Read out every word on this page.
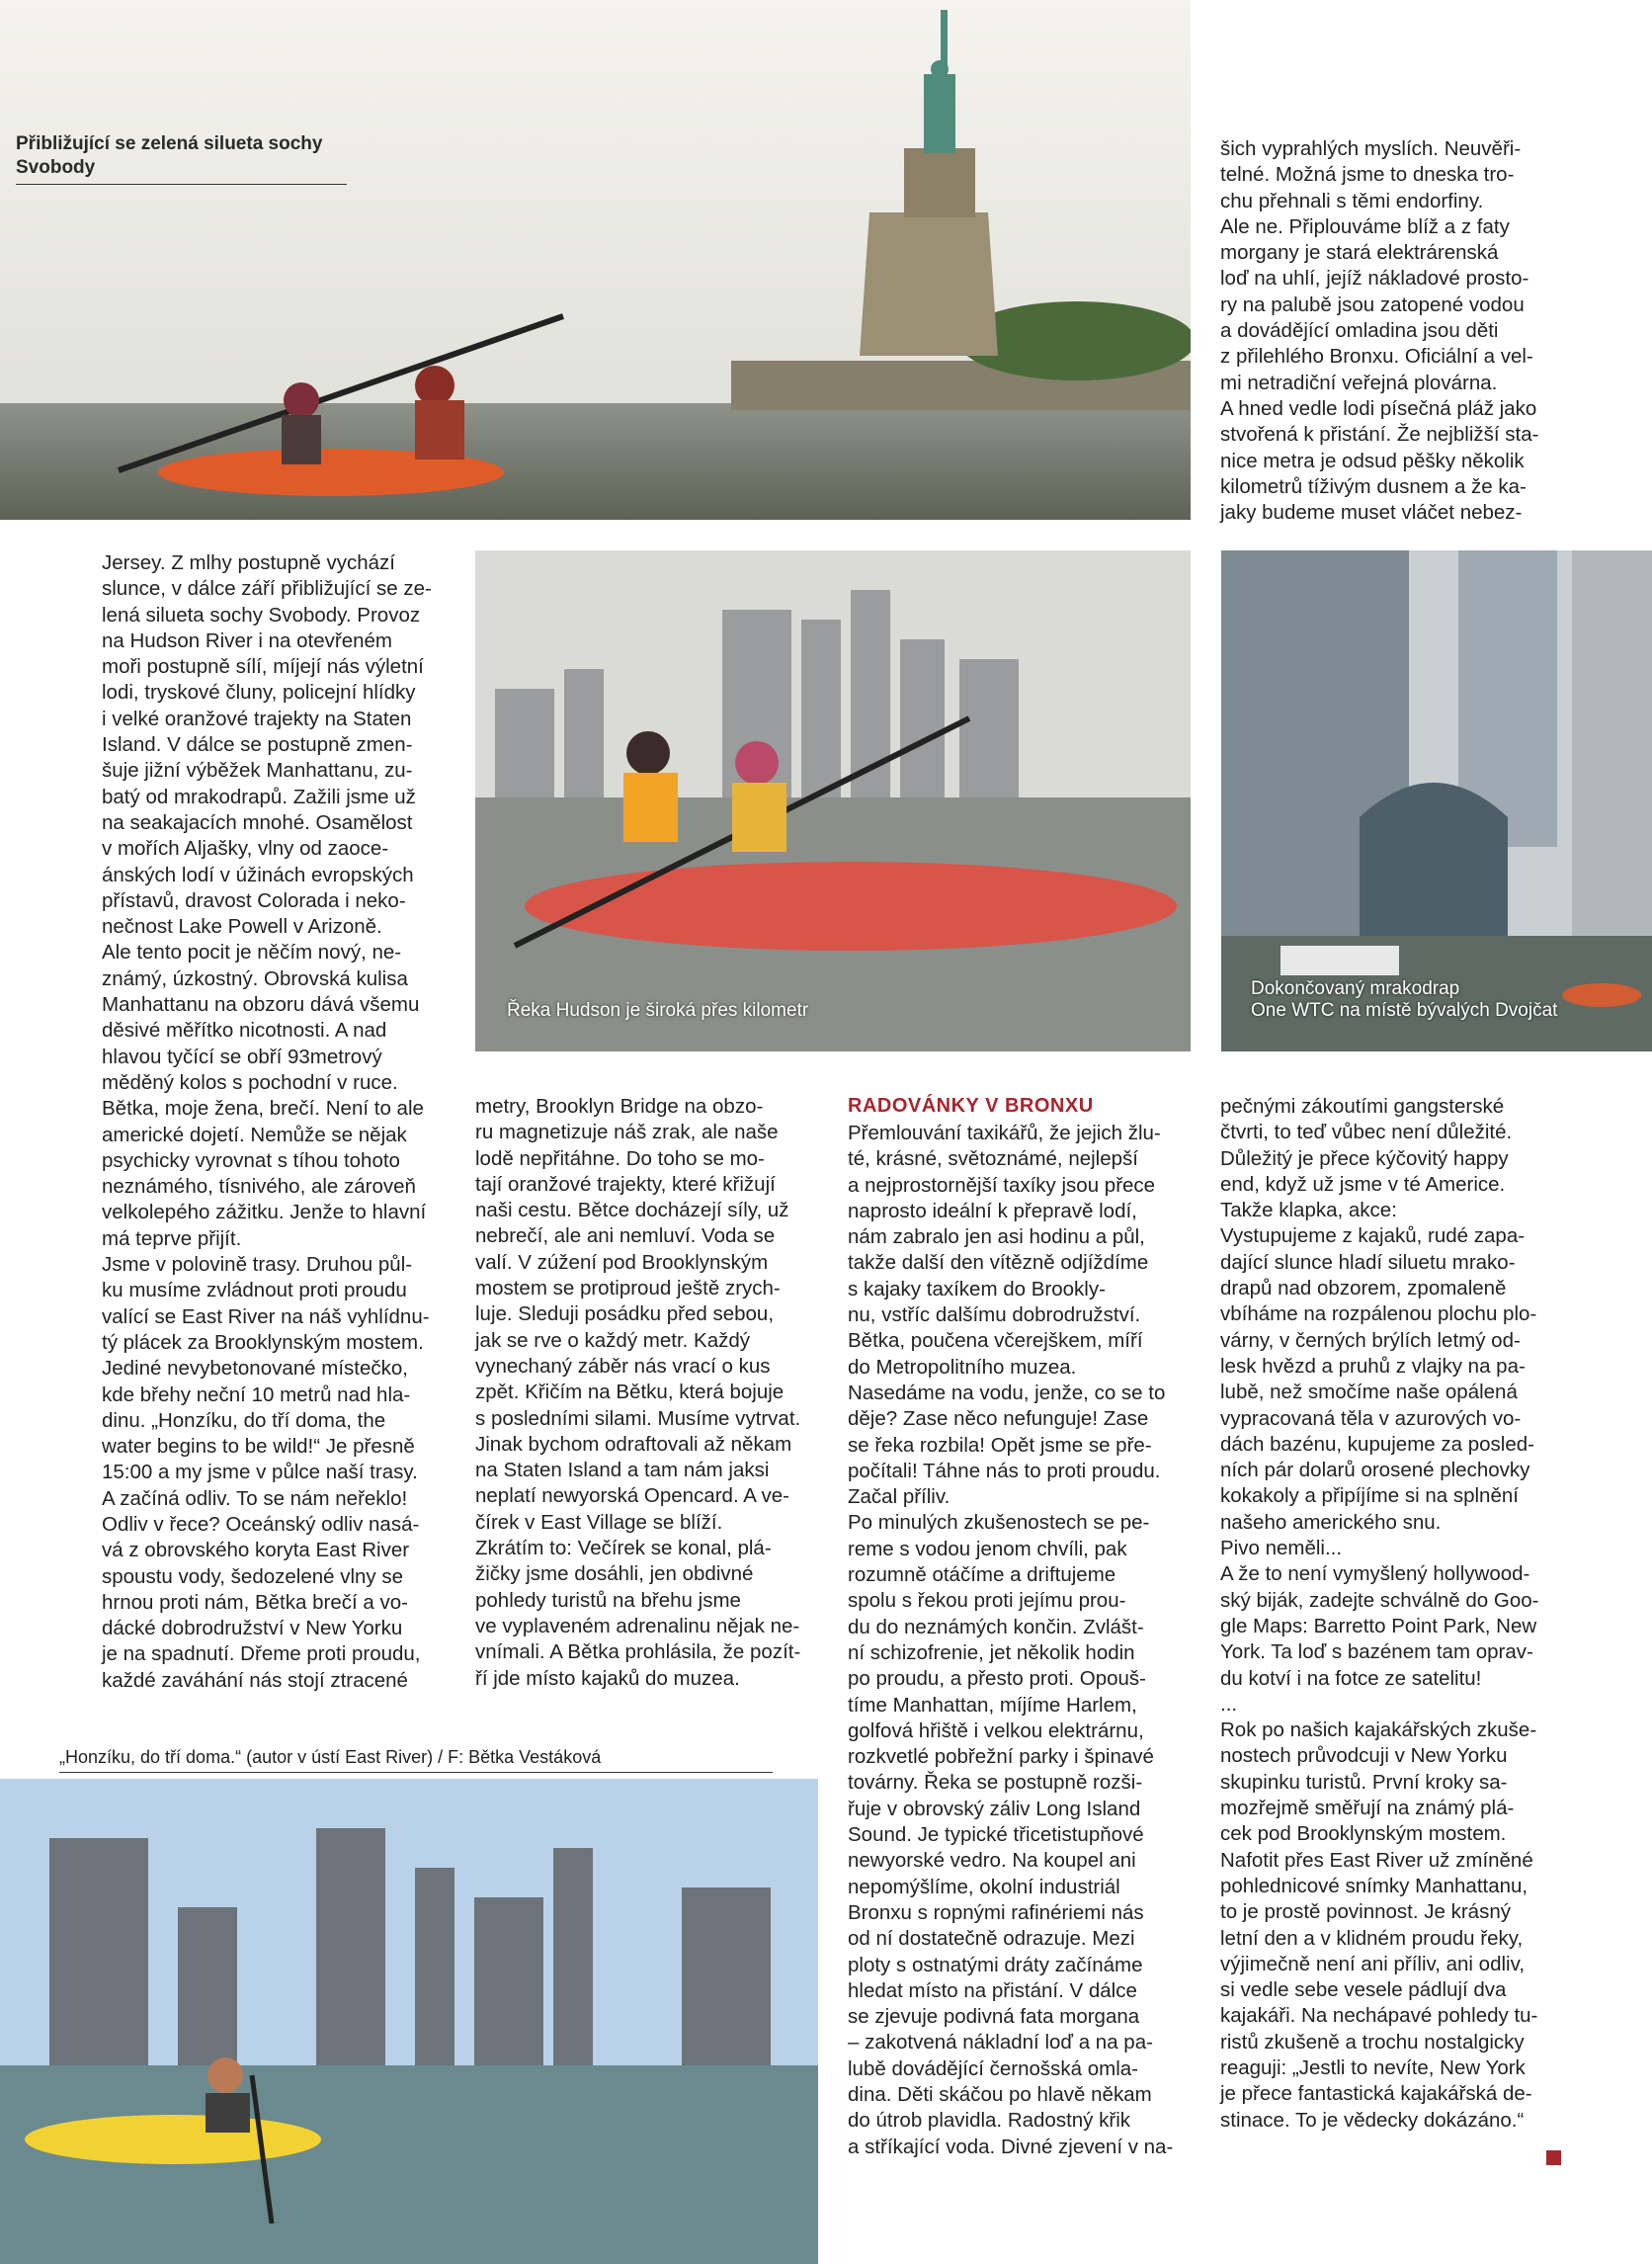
Přibližující se zelená silueta sochy Svobody

šich vyprahlých myslích. Neuvěři-
telné. Možná jsme to dneska tro-
chu přehnali s těmi endorfiny.
Ale ne. Připlouváme blíž a z faty
morgany je stará elektrárenská
loď na uhlí, jejíž nákladové prosto-
ry na palubě jsou zatopené vodou
a dovádějící omladina jsou děti
z přilehlého Bronxu. Oficiální a vel-
mi netradiční veřejná plovárna.
A hned vedle lodi písečná pláž jako
stvořená k přistání. Že nejbližší sta-
nice metra je odsud pěšky několik
kilometrů tíživým dusnem a že ka-
jaky budeme muset vláčet nebez-

Jersey. Z mlhy postupně vychází
slunce, v dálce září přibližující se ze-
lená silueta sochy Svobody. Provoz
na Hudson River i na otevřeném
moři postupně sílí, míjejí nás výletní
lodi, tryskové čluny, policejní hlídky
i velké oranžové trajekty na Staten
Island. V dálce se postupně zmen-
šuje jižní výběžek Manhattanu, zu-
batý od mrakodrapů. Zažili jsme už
na seakajacích mnohé. Osamělost
v mořích Aljašky, vlny od zaoce-
ánských lodí v úžinách evropských
přístavů, dravost Colorada i neko-
nečnost Lake Powell v Arizoně.
Ale tento pocit je něčím nový, ne-
známý, úzkostný. Obrovská kulisa
Manhattanu na obzoru dává všemu
děsivé měřítko nicotnosti. A nad
hlavou tyčící se obří 93metrový
měděný kolos s pochodní v ruce.
Bětka, moje žena, brečí. Není to ale
americké dojetí. Nemůže se nějak
psychicky vyrovnat s tíhou tohoto
neznámého, tísnivého, ale zároveň
velkolepého zážitku. Jenže to hlavní
má teprve přijít.
Jsme v polovině trasy. Druhou půl-
ku musíme zvládnout proti proudu
valící se East River na náš vyhlídnu-
tý plácek za Brooklynským mostem.
Jediné nevybetonované místečko,
kde břehy neční 10 metrů nad hla-
dinu. „Honzíku, do tří doma, the
water begins to be wild!“ Je přesně
15:00 a my jsme v půlce naší trasy.
A začíná odliv. To se nám neřeklo!
Odliv v řece? Oceánský odliv nasá-
vá z obrovského koryta East River
spoustu vody, šedozelené vlny se
hrnou proti nám, Bětka brečí a vo-
dácké dobrodružství v New Yorku
je na spadnutí. Dřeme proti proudu,
každé zaváhání nás stojí ztracené

Řeka Hudson je široká přes kilometr
Dokončovaný mrakodrap
One WTC na místě bývalých Dvojčat

metry, Brooklyn Bridge na obzo-
ru magnetizuje náš zrak, ale naše
lodě nepřitáhne. Do toho se mo-
tají oranžové trajekty, které křižují
naši cestu. Bětce docházejí síly, už
nebrečí, ale ani nemluví. Voda se
valí. V zúžení pod Brooklynským
mostem se protiproud ještě zrych-
luje. Sleduji posádku před sebou,
jak se rve o každý metr. Každý
vynechaný záběr nás vrací o kus
zpět. Křičím na Bětku, která bojuje
s posledními silami. Musíme vytrvat.
Jinak bychom odraftovali až někam
na Staten Island a tam nám jaksi
neplatí newyorská Opencard. A ve-
čírek v East Village se blíží.
Zkrátím to: Večírek se konal, plá-
žičky jsme dosáhli, jen obdivné
pohledy turistů na břehu jsme
ve vyplaveném adrenalinu nějak ne-
vnímali. A Bětka prohlásila, že pozít-
ří jde místo kajaků do muzea.

RADOVÁNKY V BRONXU

Přemlouvání taxikářů, že jejich žlu-
té, krásné, světoznámé, nejlepší
a nejprostornější taxíky jsou přece
naprosto ideální k přepravě lodí,
nám zabralo jen asi hodinu a půl,
takže další den vítězně odjíždíme
s kajaky taxíkem do Brookly-
nu, vstříc dalšímu dobrodružství.
Bětka, poučena včerejškem, míří
do Metropolitního muzea.
Nasedáme na vodu, jenže, co se to
děje? Zase něco nefunguje! Zase
se řeka rozbila! Opět jsme se pře-
počítali! Táhne nás to proti proudu.
Začal příliv.
Po minulých zkušenostech se pe-
reme s vodou jenom chvíli, pak
rozumně otáčíme a driftujeme
spolu s řekou proti jejímu prou-
du do neznámých končin. Zvlášt-
ní schizofrenie, jet několik hodin
po proudu, a přesto proti. Opouš-
tíme Manhattan, míjíme Harlem,
golfová hřiště i velkou elektrárnu,
rozkvetlé pobřežní parky i špinavé
továrny. Řeka se postupně rozši-
řuje v obrovský záliv Long Island
Sound. Je typické třicetistupňové
newyorské vedro. Na koupel ani
nepomýšlíme, okolní industriál
Bronxu s ropnými rafinériemi nás
od ní dostatečně odrazuje. Mezi
ploty s ostnatými dráty začínáme
hledat místo na přistání. V dálce
se zjevuje podivná fata morgana
– zakotvená nákladní loď a na pa-
lubě dovádějící černošská omla-
dina. Děti skáčou po hlavě někam
do útrob plavidla. Radostný křik
a stříkající voda. Divné zjevení v na-

pečnými zákoutími gangsterské
čtvrti, to teď vůbec není důležité.
Důležitý je přece kýčovitý happy
end, když už jsme v té Americe.
Takže klapka, akce:
Vystupujeme z kajaků, rudé zapa-
dající slunce hladí siluetu mrako-
drapů nad obzorem, zpomaleně
vbíháme na rozpálenou plochu plo-
várny, v černých brýlích letmý od-
lesk hvězd a pruhů z vlajky na pa-
lubě, než smočíme naše opálená
vypracovaná těla v azurových vo-
dách bazénu, kupujeme za posled-
ních pár dolarů orosené plechovky
kokakoly a připíjíme si na splnění
našeho amerického snu.
Pivo neměli...
A že to není vymyšlený hollywood-
ský biják, zadejte schválně do Goo-
gle Maps: Barretto Point Park, New
York. Ta loď s bazénem tam oprav-
du kotví i na fotce ze satelitu!
...
Rok po našich kajakářských zkuše-
nostech průvodcuji v New Yorku
skupinku turistů. První kroky sa-
mozřejmě směřují na známý plá-
cek pod Brooklynským mostem.
Nafotit přes East River už zmíněné
pohlednicové snímky Manhattanu,
to je prostě povinnost. Je krásný
letní den a v klidném proudu řeky,
výjimečně není ani příliv, ani odliv,
si vedle sebe vesele pádlují dva
kajakáři. Na nechápavé pohledy tu-
ristů zkušeně a trochu nostalgicky
reaguji: „Jestli to nevíte, New York
je přece fantastická kajakářská de-
stinace. To je vědecky dokázáno.“

„Honzíku, do tří doma.“ (autor v ústí East River) / F: Bětka Vestáková
